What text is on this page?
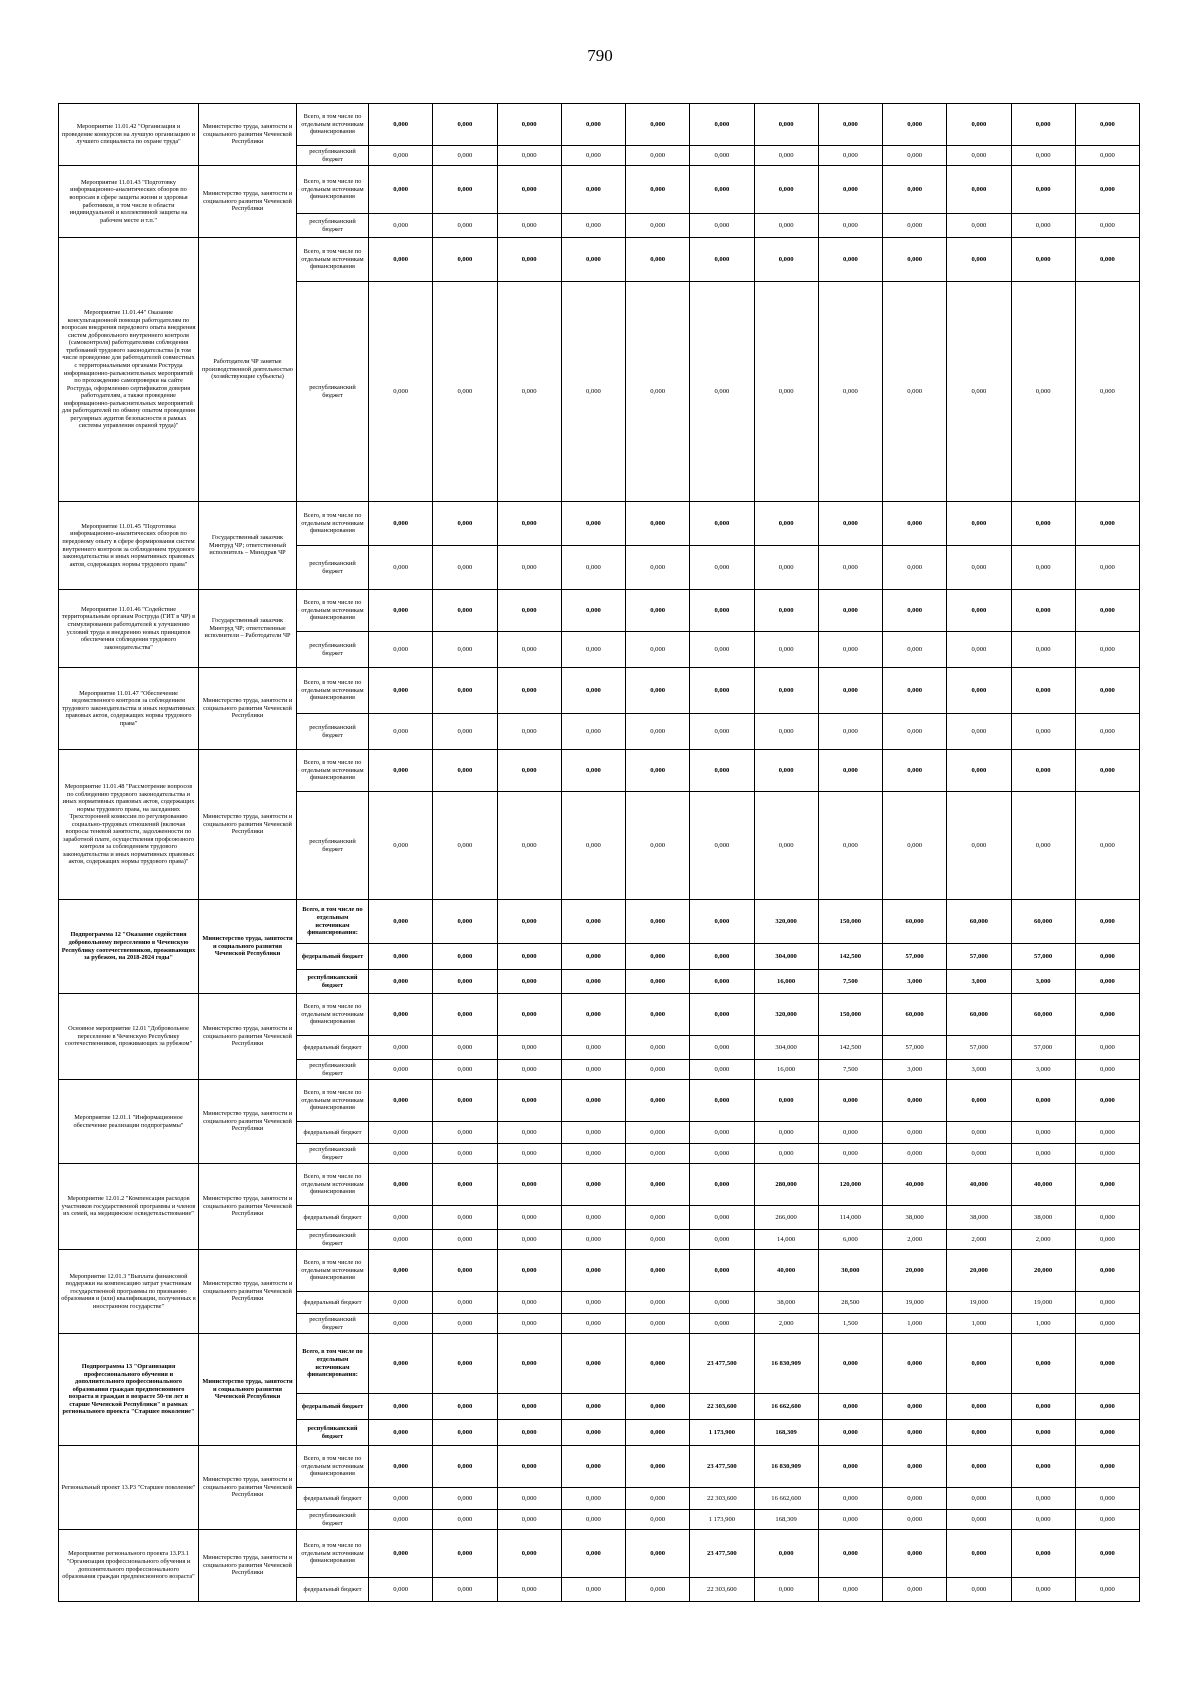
790
Мероприятие 11.01.42 "Организация и проведение конкурсов на лучшую организацию и лучшего специалиста по охране труда"	Министерство труда, занятости и социального развития Чеченской Республики	Всего, в том числе по отдельным источникам финансирования	0,000	0,000	0,000	0,000	0,000	0,000	0,000	0,000	0,000	0,000	0,000	0,000
		республиканский бюджет	0,000	0,000	0,000	0,000	0,000	0,000	0,000	0,000	0,000	0,000	0,000	0,000
Мероприятие 11.01.43 "Подготовку информационно-аналитических обзоров по вопросам в сфере защиты жизни и здоровья работников, в том числе в области индивидуальной и коллективной защиты на рабочем месте и т.п."	Министерство труда, занятости и социального развития Чеченской Республики	Всего, в том числе по отдельным источникам финансирования	0,000	0,000	0,000	0,000	0,000	0,000	0,000	0,000	0,000	0,000	0,000	0,000
		республиканский бюджет	0,000	0,000	0,000	0,000	0,000	0,000	0,000	0,000	0,000	0,000	0,000	0,000
Мероприятие 11.01.44" Оказание консультационной помощи работодателям по вопросам внедрения передового опыта внедрения систем добровольного внутреннего контроля (самоконтроля) работодателями соблюдения требований трудового законодательства (в том числе проведение для работодателей совместных с территориальными органами Роструда информационно-разъяснительных мероприятий по прохождению самопроверки на сайте Роструда, оформлению сертификатов доверия работодателям, а также проведение информационно-разъяснительных мероприятий для работодателей по обмену опытом проведения регулярных аудитов безопасности в рамках системы управления охраной труда)"	Работодатели ЧР занятые производственной деятельностью (хозяйствующие субъекты)	Всего, в том числе по отдельным источникам финансирования	0,000	0,000	0,000	0,000	0,000	0,000	0,000	0,000	0,000	0,000	0,000	0,000
		республиканский бюджет	0,000	0,000	0,000	0,000	0,000	0,000	0,000	0,000	0,000	0,000	0,000	0,000
Мероприятие 11.01.45 "Подготовка информационно-аналитических обзоров по передовому опыту в сфере формирования систем внутреннего контроля за соблюдением трудового законодательства и иных нормативных правовых актов, содержащих нормы трудового права"	Государственный заказчик Минтруд ЧР; ответственный исполнитель – Минздрав ЧР	Всего, в том числе по отдельным источникам финансирования	0,000	0,000	0,000	0,000	0,000	0,000	0,000	0,000	0,000	0,000	0,000	0,000
		республиканский бюджет	0,000	0,000	0,000	0,000	0,000	0,000	0,000	0,000	0,000	0,000	0,000	0,000
Мероприятие 11.01.46 "Содействие территориальным органам Роструда (ГИТ в ЧР) в стимулировании работодателей к улучшению условий труда и внедрению новых принципов обеспечения соблюдения трудового законодательства"	Государственный заказчик Минтруд ЧР; ответственные исполнители – Работодатели ЧР	Всего, в том числе по отдельным источникам финансирования	0,000	0,000	0,000	0,000	0,000	0,000	0,000	0,000	0,000	0,000	0,000	0,000
		республиканский бюджет	0,000	0,000	0,000	0,000	0,000	0,000	0,000	0,000	0,000	0,000	0,000	0,000
Мероприятие 11.01.47 "Обеспечение ведомственного контроля за соблюдением трудового законодательства и иных нормативных правовых актов, содержащих нормы трудового права"	Министерство труда, занятости и социального развития Чеченской Республики	Всего, в том числе по отдельным источникам финансирования	0,000	0,000	0,000	0,000	0,000	0,000	0,000	0,000	0,000	0,000	0,000	0,000
		республиканский бюджет	0,000	0,000	0,000	0,000	0,000	0,000	0,000	0,000	0,000	0,000	0,000	0,000
Мероприятие 11.01.48 "Рассмотрение вопросов по соблюдению трудового законодательства и иных нормативных правовых актов, содержащих нормы трудового права, на заседаниях Трехсторонней комиссии по регулированию социально-трудовых отношений (включая вопросы теневой занятости, задолженности по заработной плате, осуществления профсоюзного контроля за соблюдением трудового законодательства и иных нормативных правовых актов, содержащих нормы трудового права)"	Министерство труда, занятости и социального развития Чеченской Республики	Всего, в том числе по отдельным источникам финансирования	0,000	0,000	0,000	0,000	0,000	0,000	0,000	0,000	0,000	0,000	0,000	0,000
		республиканский бюджет	0,000	0,000	0,000	0,000	0,000	0,000	0,000	0,000	0,000	0,000	0,000	0,000
Подпрограмма 12 "Оказание содействия добровольному переселению в Чеченскую Республику соотечественников, проживающих за рубежом, на 2018-2024 годы"	Министерство труда, занятости и социального развития Чеченской Республики	Всего, в том числе по отдельным источникам финансирования:	0,000	0,000	0,000	0,000	0,000	0,000	320,000	150,000	60,000	60,000	60,000	0,000
		федеральный бюджет	0,000	0,000	0,000	0,000	0,000	0,000	304,000	142,500	57,000	57,000	57,000	0,000
		республиканский бюджет	0,000	0,000	0,000	0,000	0,000	0,000	16,000	7,500	3,000	3,000	3,000	0,000
Основное мероприятие 12.01 "Добровольное переселение в Чеченскую Республику соотечественников, проживающих за рубежом"	Министерство труда, занятости и социального развития Чеченской Республики	Всего, в том числе по отдельным источникам финансирования	0,000	0,000	0,000	0,000	0,000	0,000	320,000	150,000	60,000	60,000	60,000	0,000
		федеральный бюджет	0,000	0,000	0,000	0,000	0,000	0,000	304,000	142,500	57,000	57,000	57,000	0,000
		республиканский бюджет	0,000	0,000	0,000	0,000	0,000	0,000	16,000	7,500	3,000	3,000	3,000	0,000
Мероприятие 12.01.1 "Информационное обеспечение реализации подпрограммы"	Министерство труда, занятости и социального развития Чеченской Республики	Всего, в том числе по отдельным источникам финансирования	0,000	0,000	0,000	0,000	0,000	0,000	0,000	0,000	0,000	0,000	0,000	0,000
		федеральный бюджет	0,000	0,000	0,000	0,000	0,000	0,000	0,000	0,000	0,000	0,000	0,000	0,000
		республиканский бюджет	0,000	0,000	0,000	0,000	0,000	0,000	0,000	0,000	0,000	0,000	0,000	0,000
Мероприятие 12.01.2 "Компенсация расходов участников государственной программы и членов их семей, на медицинское освидетельствование"	Министерство труда, занятости и социального развития Чеченской Республики	Всего, в том числе по отдельным источникам финансирования	0,000	0,000	0,000	0,000	0,000	0,000	280,000	120,000	40,000	40,000	40,000	0,000
		федеральный бюджет	0,000	0,000	0,000	0,000	0,000	0,000	266,000	114,000	38,000	38,000	38,000	0,000
		республиканский бюджет	0,000	0,000	0,000	0,000	0,000	0,000	14,000	6,000	2,000	2,000	2,000	0,000
Мероприятие 12.01.3 "Выплата финансовой поддержки на компенсацию затрат участникам государственной программы по признанию образования и (или) квалификации, полученных в иностранном государстве"	Министерство труда, занятости и социального развития Чеченской Республики	Всего, в том числе по отдельным источникам финансирования	0,000	0,000	0,000	0,000	0,000	0,000	40,000	30,000	20,000	20,000	20,000	0,000
		федеральный бюджет	0,000	0,000	0,000	0,000	0,000	0,000	38,000	28,500	19,000	19,000	19,000	0,000
		республиканский бюджет	0,000	0,000	0,000	0,000	0,000	0,000	2,000	1,500	1,000	1,000	1,000	0,000
Подпрограмма 13 "Организация профессионального обучения и дополнительного профессионального образования граждан предпенсионного возраста и граждан в возрасте 50-ти лет и старше Чеченской Республики" в рамках регионального проекта "Старшее поколение"	Министерство труда, занятости и социального развития Чеченской Республики	Всего, в том числе по отдельным источникам финансирования:	0,000	0,000	0,000	0,000	0,000	23 477,500	16 830,909	0,000	0,000	0,000	0,000	0,000
		федеральный бюджет	0,000	0,000	0,000	0,000	0,000	22 303,600	16 662,600	0,000	0,000	0,000	0,000	0,000
		республиканский бюджет	0,000	0,000	0,000	0,000	0,000	1 173,900	168,309	0,000	0,000	0,000	0,000	0,000
Региональный проект 13.Р3 "Старшее поколение"	Министерство труда, занятости и социального развития Чеченской Республики	Всего, в том числе по отдельным источникам финансирования	0,000	0,000	0,000	0,000	0,000	23 477,500	16 830,909	0,000	0,000	0,000	0,000	0,000
		федеральный бюджет	0,000	0,000	0,000	0,000	0,000	22 303,600	16 662,600	0,000	0,000	0,000	0,000	0,000
		республиканский бюджет	0,000	0,000	0,000	0,000	0,000	1 173,900	168,309	0,000	0,000	0,000	0,000	0,000
Мероприятие регионального проекта 13.Р3.1 "Организация профессионального обучения и дополнительного профессионального образования граждан предпенсионного возраста"	Министерство труда, занятости и социального развития Чеченской Республики	Всего, в том числе по отдельным источникам финансирования	0,000	0,000	0,000	0,000	0,000	23 477,500	0,000	0,000	0,000	0,000	0,000	0,000
		федеральный бюджет	0,000	0,000	0,000	0,000	0,000	22 303,600	0,000	0,000	0,000	0,000	0,000	0,000
